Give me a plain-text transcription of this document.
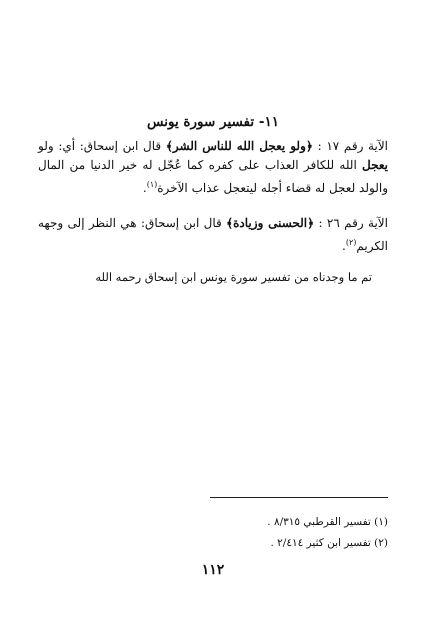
١١- تفسير سورة يونس
الآية رقم ١٧ : ﴿ولو يعجل الله للناس الشر﴾ قال ابن إسحاق: أي: ولو يعجل الله للكافر العذاب على كفره كما عُجّل له خير الدنيا من المال والولد لعجل له قضاء أجله ليتعجل عذاب الآخرة$^{(١)}$.
الآية رقم ٢٦ : ﴿الحسنى وزيادة﴾ قال ابن إسحاق: هي النظر إلى وجهه الكريم$^{(٢)}$.
تم ما وجدناه من تفسير سورة يونس ابن إسحاق رحمه الله
(١) تفسير القرطبي ٨/٣١٥ .
(٢) تفسير ابن كثير ٢/٤١٤ .
١١٢
